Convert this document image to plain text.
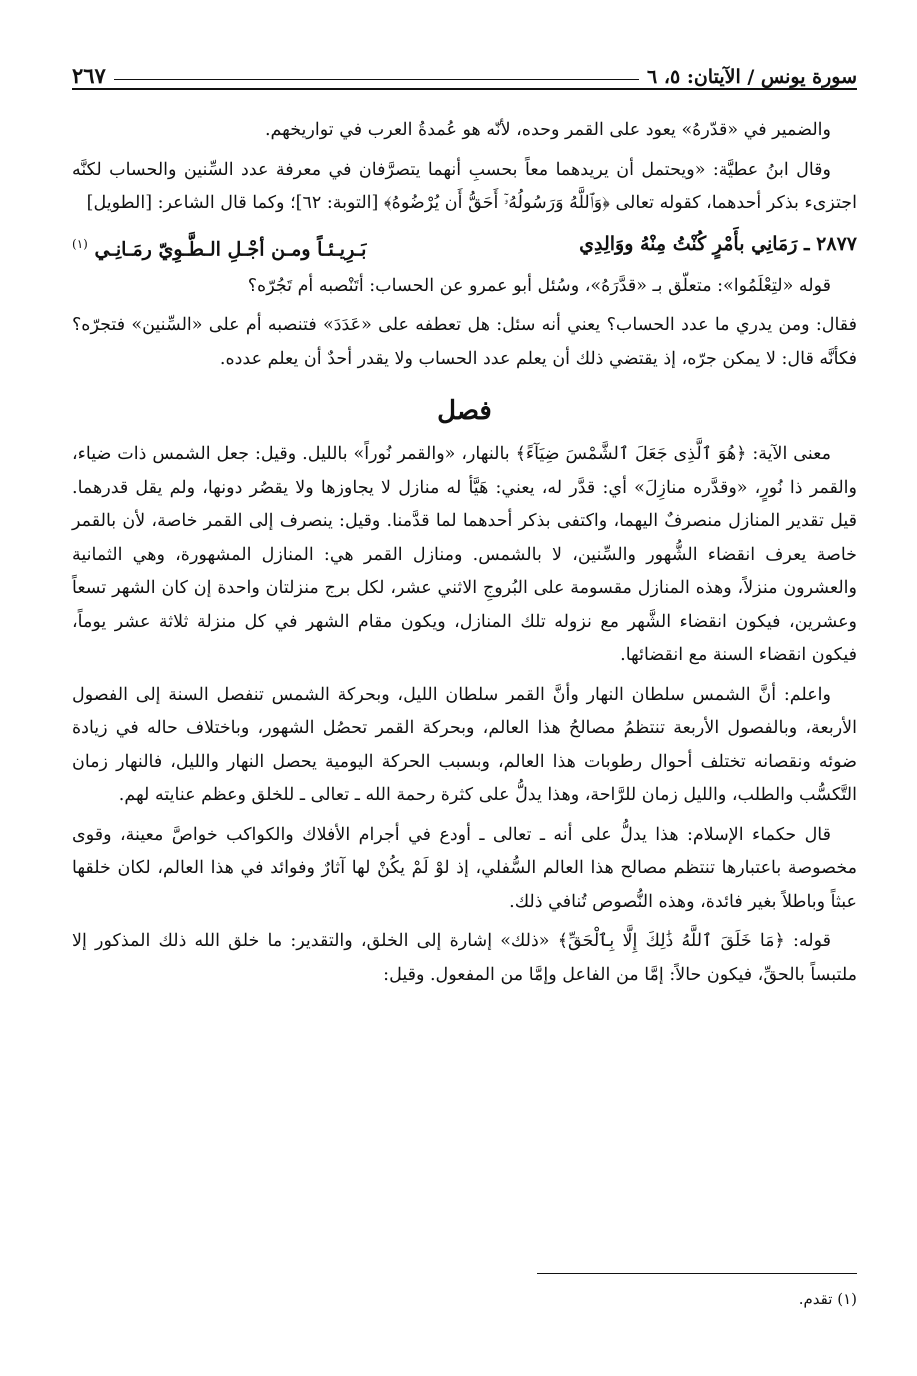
سورة يونس / الآيتان: ٥، ٦
٢٦٧

والضمير في «قدّرهُ» يعود على القمر وحده، لأنّه هو عُمدةُ العرب في تواريخهم.

وقال ابنُ عطيَّة: «ويحتمل أن يريدهما معاً بحسبِ أنهما يتصرَّفان في معرفة عدد السِّنين والحساب لكنَّه اجتزىء بذكر أحدهما، كقوله تعالى ﴿وَٱللَّهُ وَرَسُولُهُۥٓ أَحَقُّ أَن يُرْضُوهُ﴾ [التوبة: ٦٢]؛ وكما قال الشاعر: [الطويل]

٢٨٧٧ ـ رَمَانِي بأَمْرٍ كُنْتُ مِنْهُ ووَالِدِي
بَـرِيـئـاً ومـن أجْـلِ الـطَّـوِيّ رمَـانِـي $^{(١)}$

قوله «لتِعْلَمُوا»: متعلّق بـ «قدَّرَهُ»، وسُئل أبو عمرو عن الحساب: أتَنْصبه أم تَجُرّه؟

فقال: ومن يدري ما عدد الحساب؟ يعني أنه سئل: هل تعطفه على «عَدَدَ» فتنصبه أم على «السِّنين» فتجرّه؟ فكأنَّه قال: لا يمكن جرّه، إذ يقتضي ذلك أن يعلم عدد الحساب ولا يقدر أحدٌ أن يعلم عدده.

فصل

معنى الآية: ﴿هُوَ ٱلَّذِى جَعَلَ ٱلشَّمْسَ ضِيَآءً﴾ بالنهار، «والقمر نُوراً» بالليل. وقيل: جعل الشمس ذات ضياء، والقمر ذا نُورٍ، «وقدَّره منازِلَ» أي: قدَّر له، يعني: هَيَّأ له منازل لا يجاوزها ولا يقصُر دونها، ولم يقل قدرهما. قيل تقدير المنازل منصرفٌ اليهما، واكتفى بذكر أحدهما لما قدَّمنا. وقيل: ينصرف إلى القمر خاصة، لأن بالقمر خاصة يعرف انقضاء الشُّهور والسِّنين، لا بالشمس. ومنازل القمر هي: المنازل المشهورة، وهي الثمانية والعشرون منزلاً، وهذه المنازل مقسومة على البُروجِ الاثني عشر، لكل برج منزلتان واحدة إن كان الشهر تسعاً وعشرين، فيكون انقضاء الشَّهر مع نزوله تلك المنازل، ويكون مقام الشهر في كل منزلة ثلاثة عشر يوماً، فيكون انقضاء السنة مع انقضائها.

واعلم: أنَّ الشمس سلطان النهار وأنَّ القمر سلطان الليل، وبحركة الشمس تنفصل السنة إلى الفصول الأربعة، وبالفصول الأربعة تنتظمُ مصالحُ هذا العالم، وبحركة القمر تحصُل الشهور، وباختلاف حاله في زيادة ضوئه ونقصانه تختلف أحوال رطوبات هذا العالم، وبسبب الحركة اليومية يحصل النهار والليل، فالنهار زمان التَّكسُّب والطلب، والليل زمان للرَّاحة، وهذا يدلُّ على كثرة رحمة الله ـ تعالى ـ للخلق وعظم عنايته لهم.

قال حكماء الإسلام: هذا يدلُّ على أنه ـ تعالى ـ أودع في أجرام الأفلاك والكواكب خواصَّ معينة، وقوى مخصوصة باعتبارها تنتظم مصالح هذا العالم السُّفلي، إذ لوْ لَمْ يكُنْ لها آثارٌ وفوائد في هذا العالم، لكان خلقها عبثاً وباطلاً بغير فائدة، وهذه النُّصوص تُنافي ذلك.

قوله: ﴿مَا خَلَقَ ٱللَّهُ ذَٰلِكَ إِلَّا بِٱلْحَقِّ﴾ «ذلك» إشارة إلى الخلق، والتقدير: ما خلق الله ذلك المذكور إلا ملتبساً بالحقِّ، فيكون حالاً: إمَّا من الفاعل وإمَّا من المفعول. وقيل:

(١) تقدم.
